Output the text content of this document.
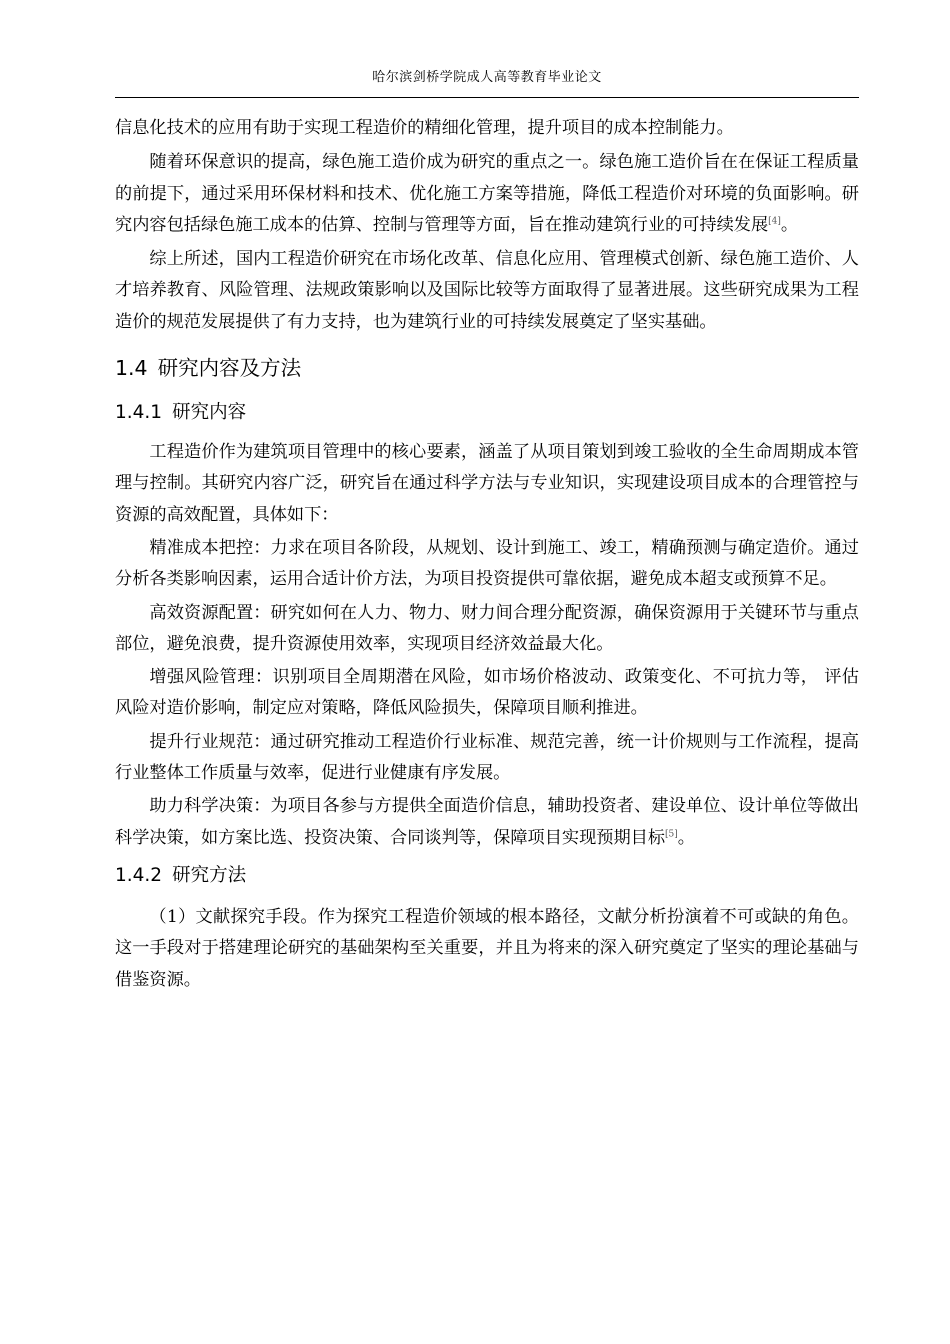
哈尔滨剑桥学院成人高等教育毕业论文

信息化技术的应用有助于实现工程造价的精细化管理，提升项目的成本控制能力。

随着环保意识的提高，绿色施工造价成为研究的重点之一。绿色施工造价旨在在保证工程质量的前提下，通过采用环保材料和技术、优化施工方案等措施，降低工程造价对环境的负面影响。研究内容包括绿色施工成本的估算、控制与管理等方面，旨在推动建筑行业的可持续发展[4]。

综上所述，国内工程造价研究在市场化改革、信息化应用、管理模式创新、绿色施工造价、人才培养教育、风险管理、法规政策影响以及国际比较等方面取得了显著进展。这些研究成果为工程造价的规范发展提供了有力支持，也为建筑行业的可持续发展奠定了坚实基础。

1.4 研究内容及方法
1.4.1 研究内容

工程造价作为建筑项目管理中的核心要素，涵盖了从项目策划到竣工验收的全生命周期成本管理与控制。其研究内容广泛，研究旨在通过科学方法与专业知识，实现建设项目成本的合理管控与资源的高效配置，具体如下：

精准成本把控：力求在项目各阶段，从规划、设计到施工、竣工，精确预测与确定造价。通过分析各类影响因素，运用合适计价方法，为项目投资提供可靠依据，避免成本超支或预算不足。

高效资源配置：研究如何在人力、物力、财力间合理分配资源，确保资源用于关键环节与重点部位，避免浪费，提升资源使用效率，实现项目经济效益最大化。

增强风险管理：识别项目全周期潜在风险，如市场价格波动、政策变化、不可抗力等， 评估风险对造价影响，制定应对策略，降低风险损失，保障项目顺利推进。

提升行业规范：通过研究推动工程造价行业标准、规范完善，统一计价规则与工作流程，提高行业整体工作质量与效率，促进行业健康有序发展。

助力科学决策：为项目各参与方提供全面造价信息，辅助投资者、建设单位、设计单位等做出科学决策，如方案比选、投资决策、合同谈判等，保障项目实现预期目标[5]。

1.4.2 研究方法

（1）文献探究手段。作为探究工程造价领域的根本路径，文献分析扮演着不可或缺的角色。这一手段对于搭建理论研究的基础架构至关重要，并且为将来的深入研究奠定了坚实的理论基础与借鉴资源。
